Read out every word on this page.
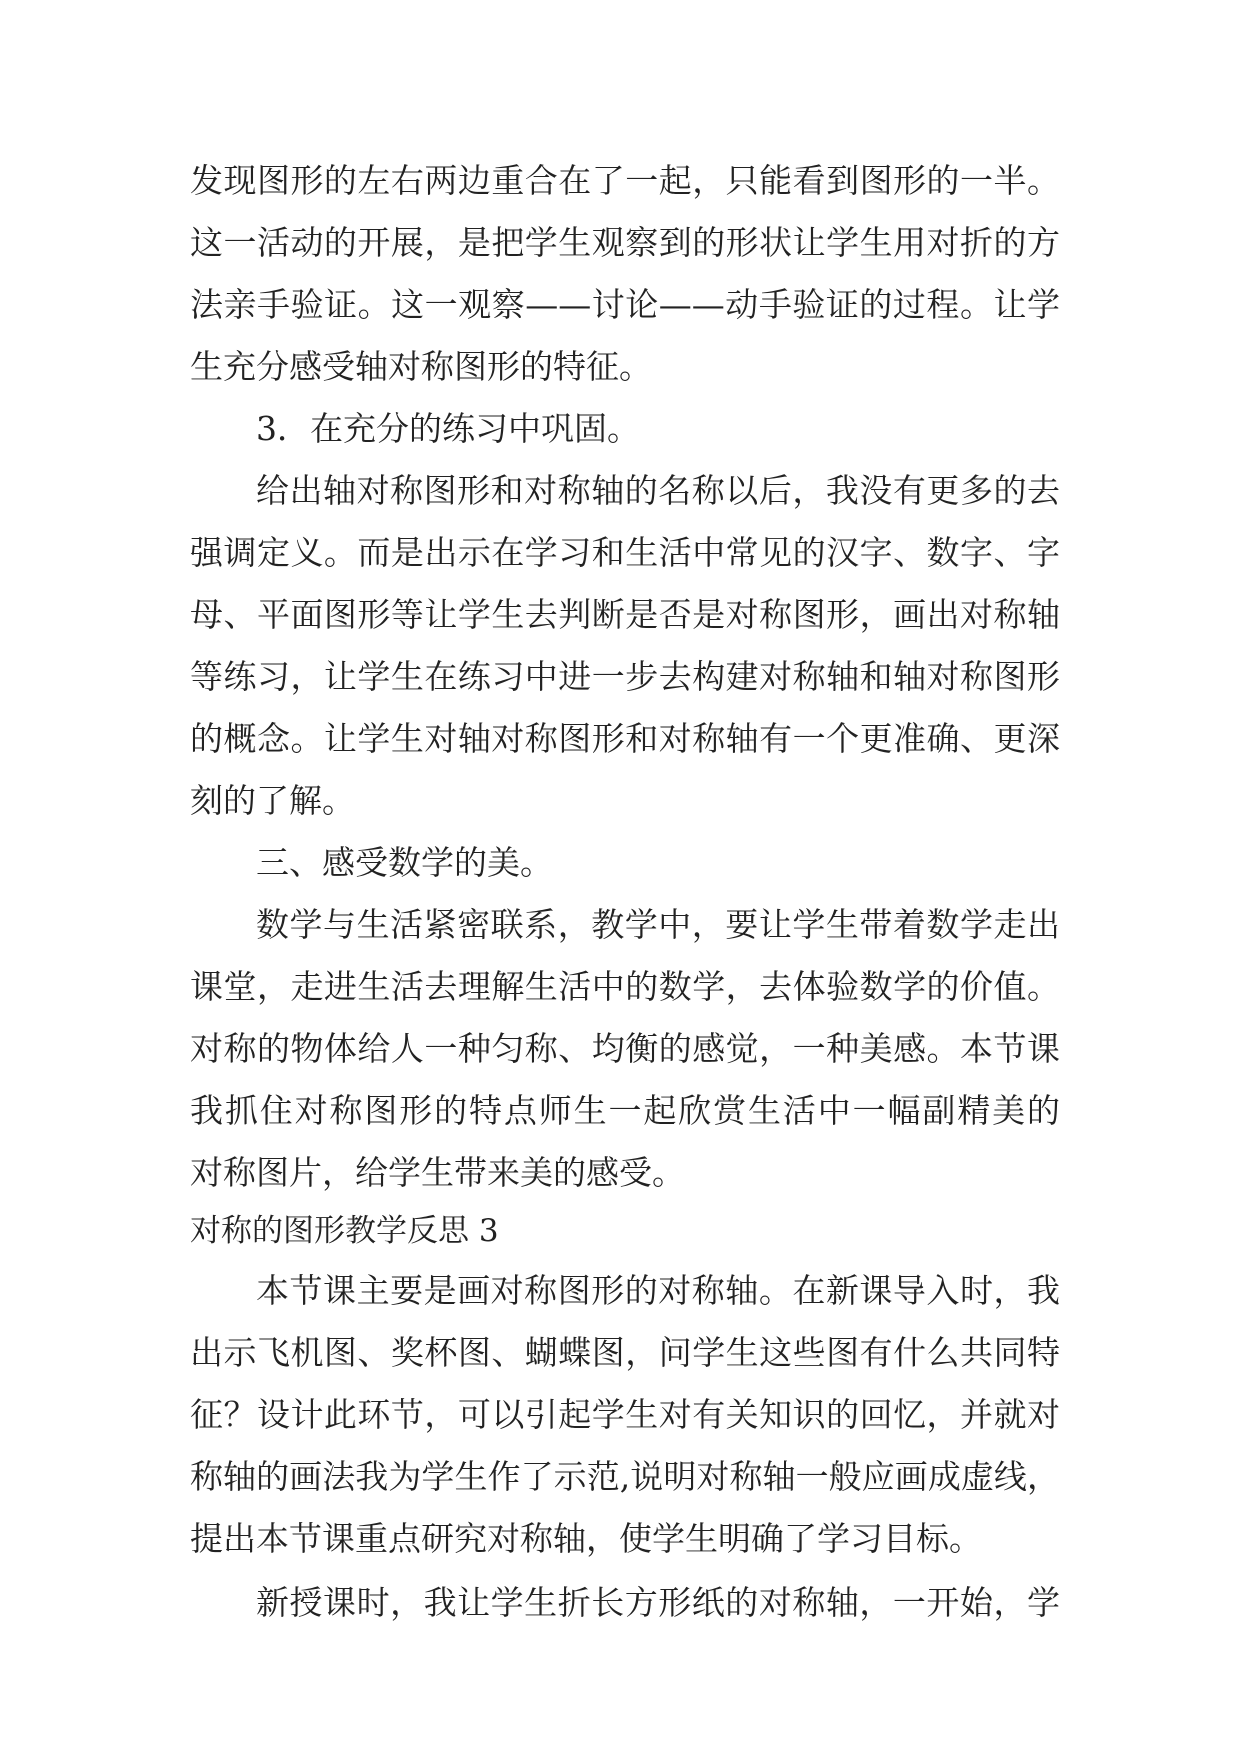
发现图形的左右两边重合在了一起，只能看到图形的一半。
这一活动的开展，是把学生观察到的形状让学生用对折的方
法亲手验证。这一观察——讨论——动手验证的过程。让学
生充分感受轴对称图形的特征。
3．在充分的练习中巩固。
给出轴对称图形和对称轴的名称以后，我没有更多的去
强调定义。而是出示在学习和生活中常见的汉字、数字、字
母、平面图形等让学生去判断是否是对称图形，画出对称轴
等练习，让学生在练习中进一步去构建对称轴和轴对称图形
的概念。让学生对轴对称图形和对称轴有一个更准确、更深
刻的了解。
三、感受数学的美。
数学与生活紧密联系，教学中，要让学生带着数学走出
课堂，走进生活去理解生活中的数学，去体验数学的价值。
对称的物体给人一种匀称、均衡的感觉，一种美感。本节课
我抓住对称图形的特点师生一起欣赏生活中一幅副精美的
对称图片，给学生带来美的感受。
对称的图形教学反思 3
本节课主要是画对称图形的对称轴。在新课导入时，我
出示飞机图、奖杯图、蝴蝶图，问学生这些图有什么共同特
征？设计此环节，可以引起学生对有关知识的回忆，并就对
称轴的画法我为学生作了示范,说明对称轴一般应画成虚线，
提出本节课重点研究对称轴，使学生明确了学习目标。
新授课时，我让学生折长方形纸的对称轴，一开始，学
